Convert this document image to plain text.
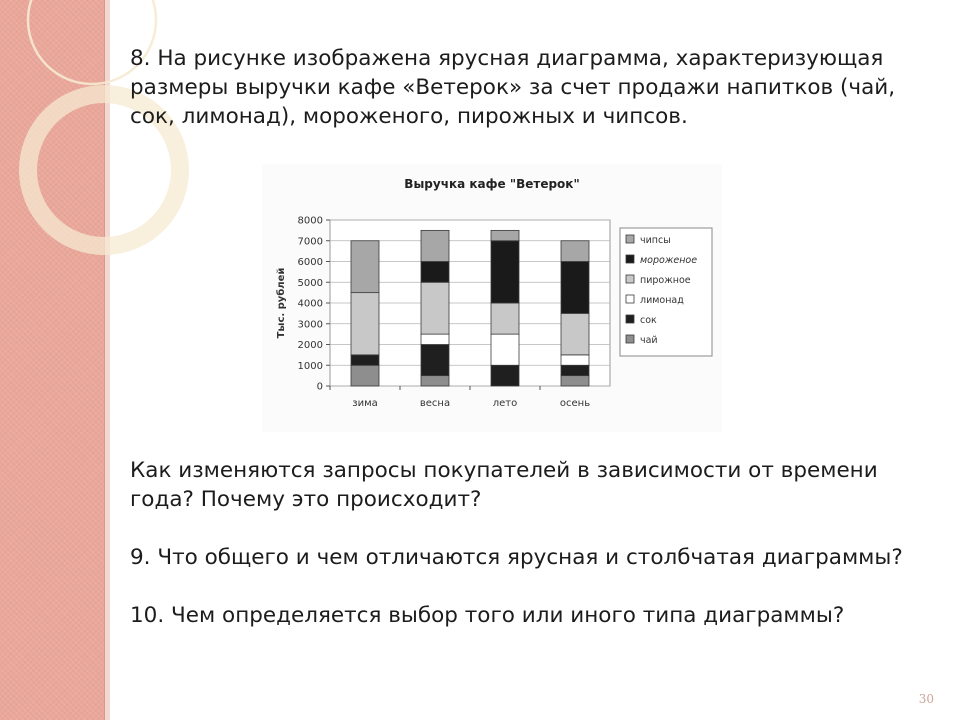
8. На рисунке изображена ярусная диаграмма, характеризующая размеры выручки кафе «Ветерок» за счет продажи напитков (чай, сок, лимонад), мороженого, пирожных и чипсов.

Выручка кафе "Ветерок"
0
1000
2000
3000
4000
5000
6000
7000
8000
Тыс. рублей
зима	весна	лето	осень
чипсы
мороженое
пирожное
лимонад
сок
чай

Как изменяются запросы покупателей в зависимости от времени года? Почему это происходит?

9. Что общего и чем отличаются ярусная и столбчатая диаграммы?

10. Чем определяется выбор того или иного типа диаграммы?

30
